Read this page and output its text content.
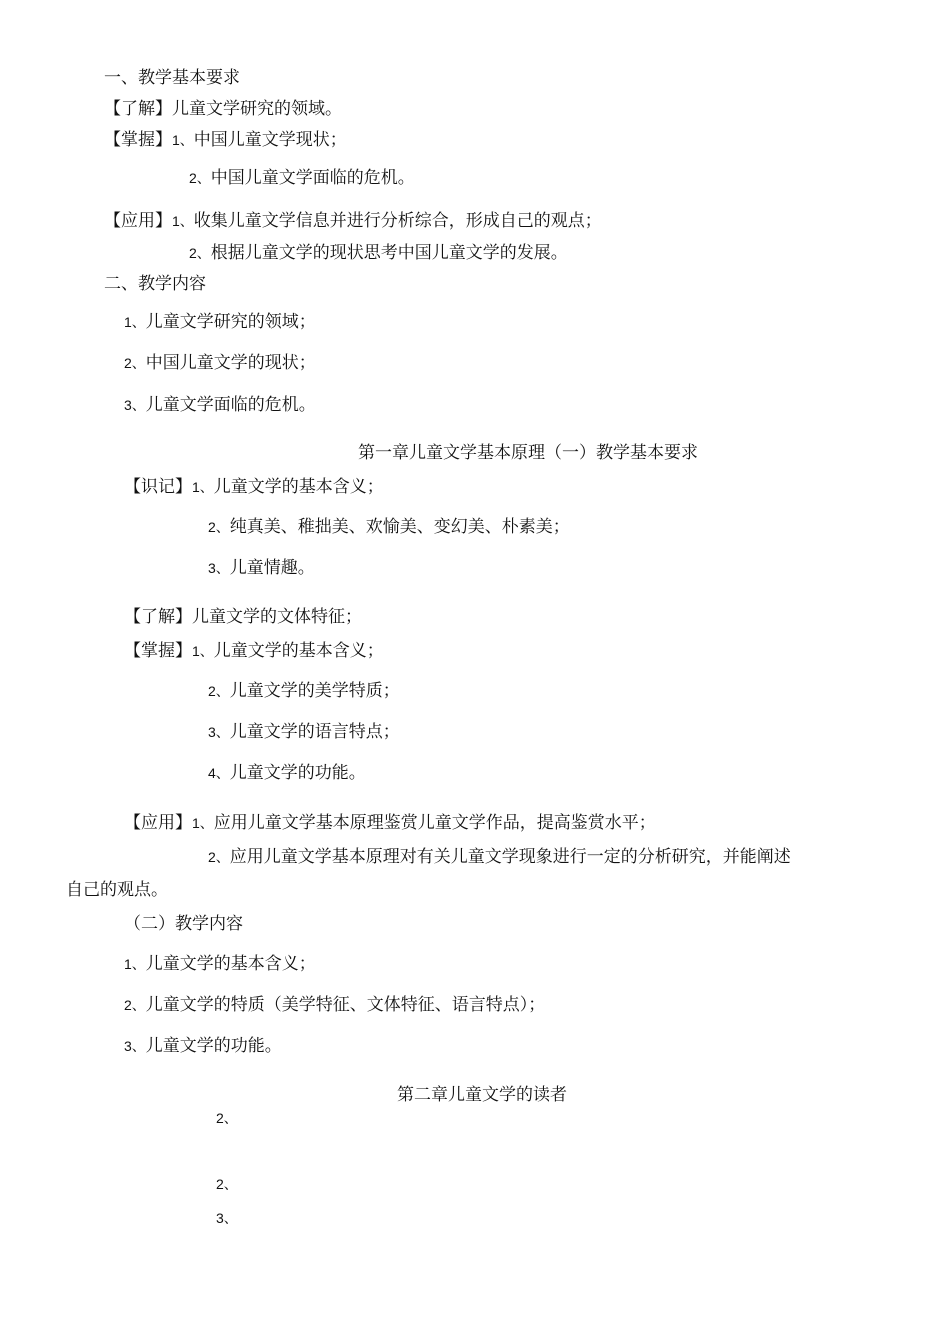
一、教学基本要求
【了解】儿童文学研究的领域。
【掌握】1、中国儿童文学现状；
2、中国儿童文学面临的危机。
【应用】1、收集儿童文学信息并进行分析综合，形成自己的观点；
2、根据儿童文学的现状思考中国儿童文学的发展。
二、教学内容
1、儿童文学研究的领域；
2、中国儿童文学的现状；
3、儿童文学面临的危机。
第一章儿童文学基本原理（一）教学基本要求
【识记】1、儿童文学的基本含义；
2、纯真美、稚拙美、欢愉美、变幻美、朴素美；
3、儿童情趣。
【了解】儿童文学的文体特征；
【掌握】1、儿童文学的基本含义；
2、儿童文学的美学特质；
3、儿童文学的语言特点；
4、儿童文学的功能。
【应用】1、应用儿童文学基本原理鉴赏儿童文学作品，提高鉴赏水平；
2、应用儿童文学基本原理对有关儿童文学现象进行一定的分析研究，并能阐述
自己的观点。
（二）教学内容
1、儿童文学的基本含义；
2、儿童文学的特质（美学特征、文体特征、语言特点）；
3、儿童文学的功能。
第二章儿童文学的读者
2、
2、
3、
